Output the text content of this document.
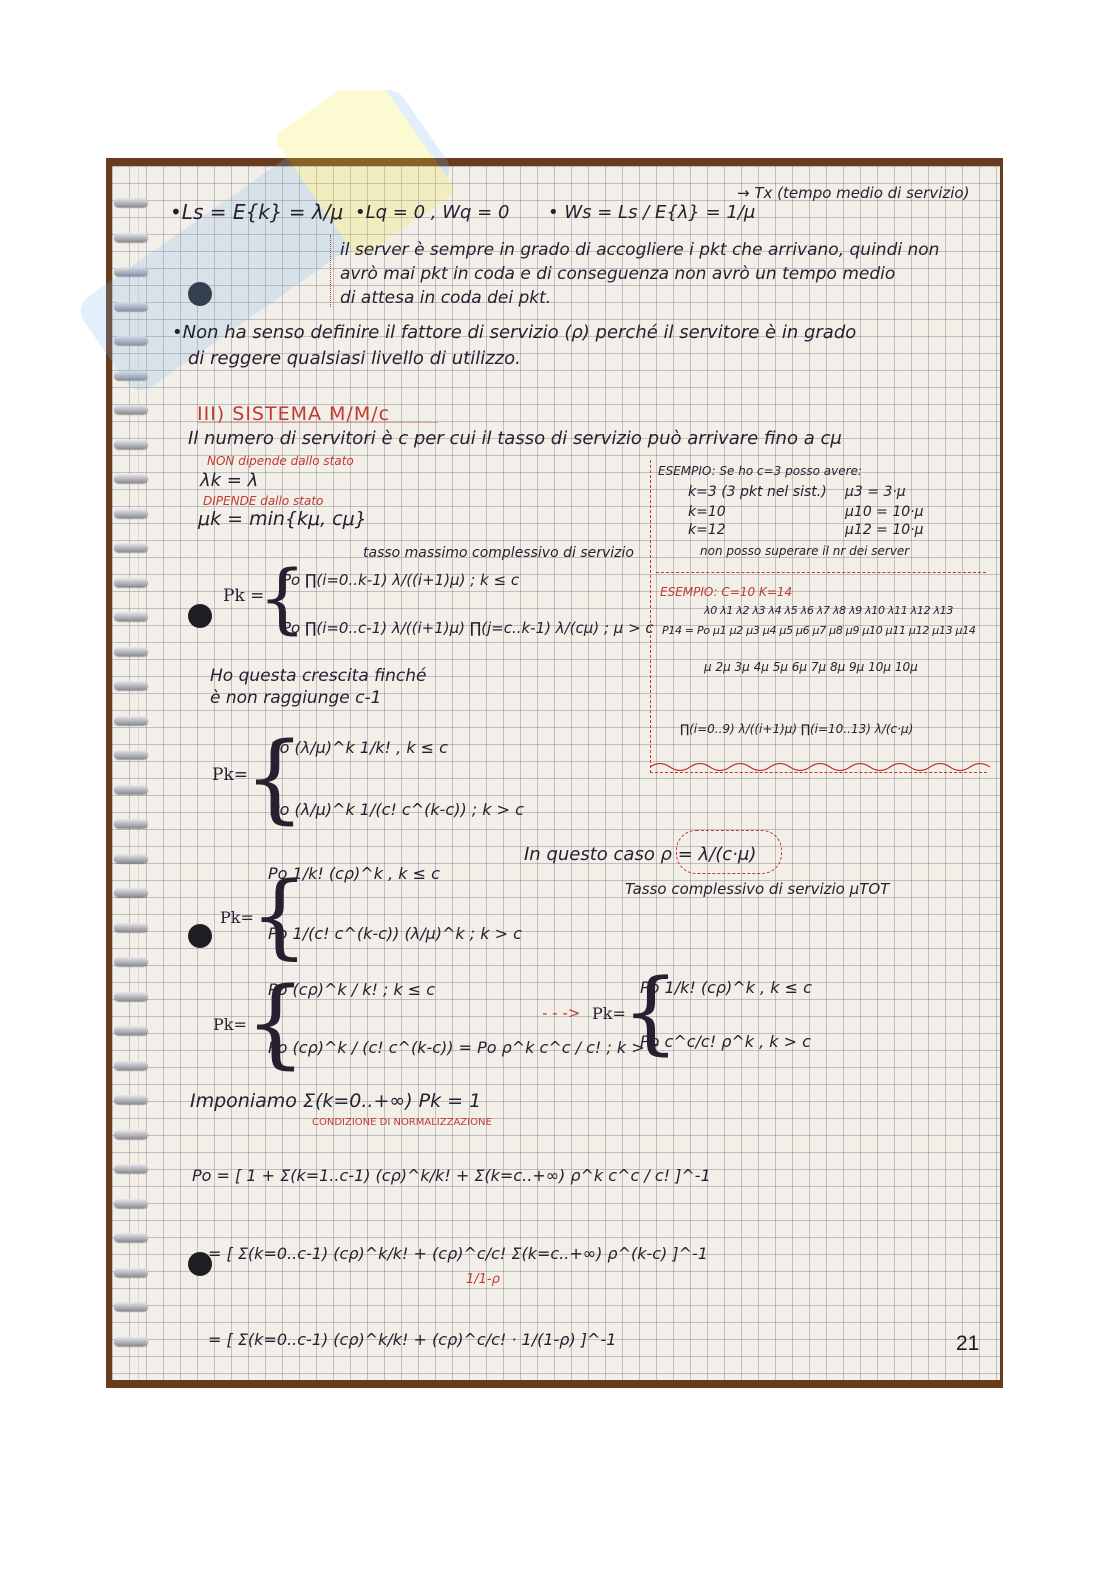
•Ls = E{k} = λ/μ •Lq = 0 , Wq = 0 • Ws = Ls / E{λ} = 1/μ
→ Tx (tempo medio di servizio)
il server è sempre in grado di accogliere i pkt che arrivano, quindi non
avrò mai pkt in coda e di conseguenza non avrò un tempo medio
di attesa in coda dei pkt.
•Non ha senso definire il fattore di servizio (ρ) perché il servitore è in grado
di reggere qualsiasi livello di utilizzo.
III) SISTEMA M/M/c
Il numero di servitori è c per cui il tasso di servizio può arrivare fino a cμ
NON dipende dallo stato
λk = λ
DIPENDE dallo stato
μk = min{kμ, cμ}
tasso massimo complessivo di servizio
Pk =
{
Po ∏(i=0..k-1) λ/((i+1)μ) ; k ≤ c
Po ∏(i=0..c-1) λ/((i+1)μ) ∏(j=c..k-1) λ/(cμ) ; μ > c
Ho questa crescita finché
è non raggiunge c-1
Pk=
{
Po (λ/μ)^k 1/k! , k ≤ c
Po (λ/μ)^k 1/(c! c^(k-c)) ; k > c
Pk=
{
Po 1/k! (cρ)^k , k ≤ c
Po 1/(c! c^(k-c)) (λ/μ)^k ; k > c
In questo caso ρ = λ/(c·μ)
Tasso complessivo di servizio μTOT
Pk=
{
Po (cρ)^k / k! ; k ≤ c
Po (cρ)^k / (c! c^(k-c)) = Po ρ^k c^c / c! ; k > c
- - -> Pk=
{
Po 1/k! (cρ)^k , k ≤ c
Po c^c/c! ρ^k , k > c
Imponiamo Σ(k=0..+∞) Pk = 1
CONDIZIONE DI NORMALIZZAZIONE
Po = [ 1 + Σ(k=1..c-1) (cρ)^k/k! + Σ(k=c..+∞) ρ^k c^c / c! ]^-1
= [ Σ(k=0..c-1) (cρ)^k/k! + (cρ)^c/c! Σ(k=c..+∞) ρ^(k-c) ]^-1
1/1-ρ
= [ Σ(k=0..c-1) (cρ)^k/k! + (cρ)^c/c! · 1/(1-ρ) ]^-1
ESEMPIO: Se ho c=3 posso avere:
k=3 (3 pkt nel sist.) μ3 = 3·μ
k=10	μ10 = 10·μ
k=12	μ12 = 10·μ
non posso superare il nr dei server
ESEMPIO: C=10 K=14
λ0 λ1 λ2 λ3 λ4 λ5 λ6 λ7 λ8 λ9 λ10 λ11 λ12 λ13
P14 = Po μ1 μ2 μ3 μ4 μ5 μ6 μ7 μ8 μ9 μ10 μ11 μ12 μ13 μ14
μ 2μ 3μ 4μ 5μ 6μ 7μ 8μ 9μ 10μ 10μ
∏(i=0..9) λ/((i+1)μ) ∏(i=10..13) λ/(c·μ)
21
